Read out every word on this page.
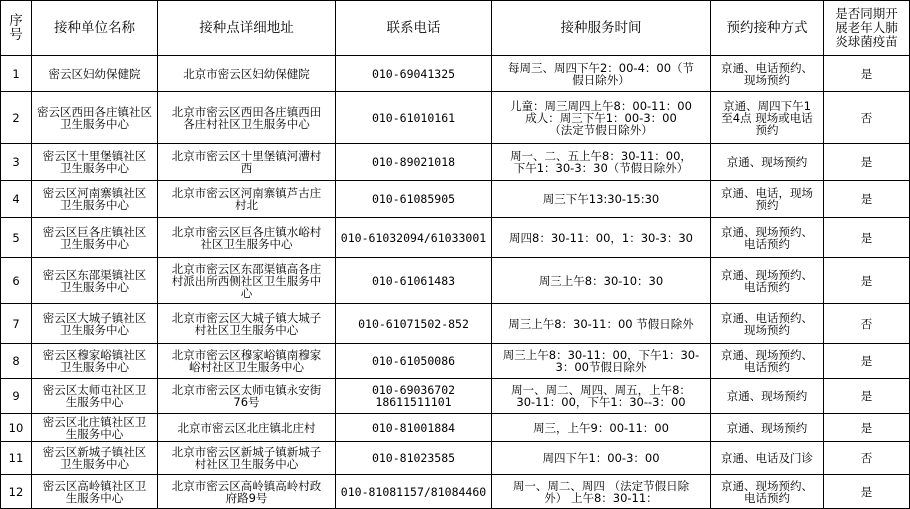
序号	接种单位名称	接种点详细地址	联系电话	接种服务时间	预约接种方式	是否同期开
展老年人肺
炎球菌疫苗
1	密云区妇幼保健院	北京市密云区妇幼保健院	010-69041325	每周三、周四下午2：00-4：00（节
假日除外）	京通、电话预约、
现场预约	是
2	密云区西田各庄镇社区
卫生服务中心	北京市密云区西田各庄镇西田
各庄村社区卫生服务中心	010-61010161	儿童：周三周四上午8：00-11：00
成人：周三下午1：00-3：00
（法定节假日除外）	京通、周四下午1
至4点 现场或电话
预约	否
3	密云区十里堡镇社区
卫生服务中心	北京市密云区十里堡镇河漕村
西	010-89021018	周一、二、五上午8：30-11：00，
下午1：30-3：30（节假日除外）	京通、现场预约	是
4	密云区河南寨镇社区
卫生服务中心	北京市密云区河南寨镇芦古庄
村北	010-61085905	周三下午13:30-15:30	京通、电话，现场
预约	是
5	密云区巨各庄镇社区
卫生服务中心	北京市密云区巨各庄镇水峪村
社区卫生服务中心	010-61032094/61033001	周四8：30-11：00，1：30-3：30	京通、现场预约、
电话预约	是
6	密云区东邵渠镇社区
卫生服务中心	北京市密云区东邵渠镇高各庄
村派出所西侧社区卫生服务中
心	010-61061483	周三上午8：30-10：30	京通、现场预约、
电话预约	是
7	密云区大城子镇社区
卫生服务中心	北京市密云区大城子镇大城子
村社区卫生服务中心	010-61071502-852	周三上午8：30-11：00 节假日除外	京通、电话预约、
现场预约	否
8	密云区穆家峪镇社区
卫生服务中心	北京市密云区穆家峪镇南穆家
峪村社区卫生服务中心	010-61050086	周三上午8：30-11：00，下午1：30-
3：00节假日除外	京通、现场预约、
电话预约	是
9	密云区太师屯社区卫
生服务中心	北京市密云区太师屯镇永安街
76号	010-69036702
18611511101	周一、周二、周四、周五，上午8：
30-11：00，下午1：30--3：00	京通、现场预约	是
10	密云区北庄镇社区卫
生服务中心	北京市密云区北庄镇北庄村	010-81001884	周三，上午9：00-11：00	京通、现场预约	是
11	密云区新城子镇社区
卫生服务中心	北京市密云区新城子镇新城子
村社区卫生服务中心	010-81023585	周四下午1：00-3：00	京通、电话及门诊	否
12	密云区高岭镇社区卫
生服务中心	北京市密云区高岭镇高岭村政
府路9号	010-81081157/81084460	周一、周二、周四 （法定节假日除
外） 上午8：30-11：	京通、现场预约、
电话预约	是
